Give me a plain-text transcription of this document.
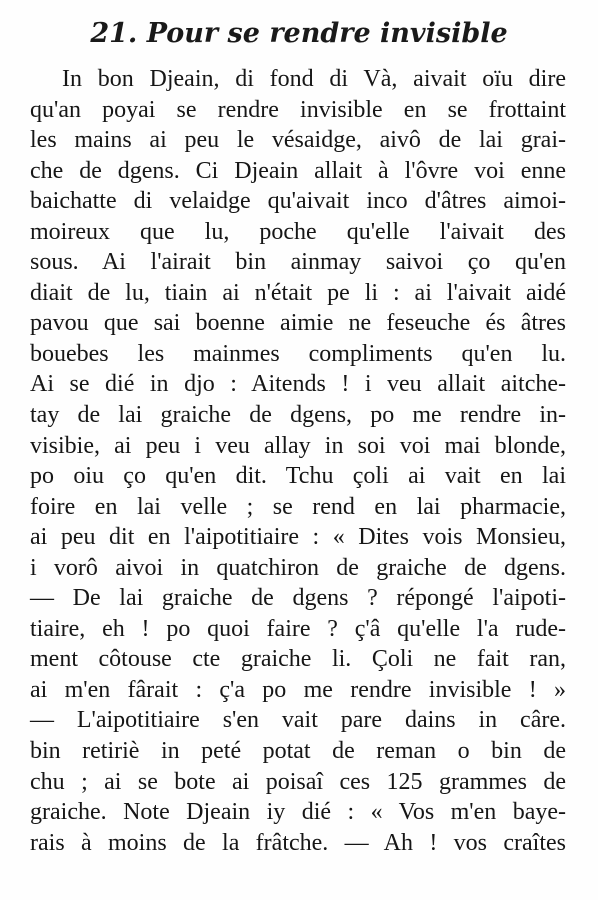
21. Pour se rendre invisible
In bon Djeain, di fond di Và, aivait oïu dire
qu'an poyai se rendre invisible en se frottaint
les mains ai peu le vésaidge, aivô de lai grai-
che de dgens. Ci Djeain allait à l'ôvre voi enne
baichatte di velaidge qu'aivait inco d'âtres aimoi-
moireux que lu, poche qu'elle l'aivait des
sous. Ai l'airait bin ainmay saivoi ço qu'en
diait de lu, tiain ai n'était pe li : ai l'aivait aidé
pavou que sai boenne aimie ne feseuche és âtres
bouebes les mainmes compliments qu'en lu.
Ai se dié in djo : Aitends ! i veu allait aitche-
tay de lai graiche de dgens, po me rendre in-
visibie, ai peu i veu allay in soi voi mai blonde,
po oiu ço qu'en dit. Tchu çoli ai vait en lai
foire en lai velle ; se rend en lai pharmacie,
ai peu dit en l'aipotitiaire : « Dites vois Monsieu,
i vorô aivoi in quatchiron de graiche de dgens.
— De lai graiche de dgens ? répongé l'aipoti-
tiaire, eh ! po quoi faire ? ç'â qu'elle l'a rude-
ment côtouse cte graiche li. Çoli ne fait ran,
ai m'en fârait : ç'a po me rendre invisible ! »
— L'aipotitiaire s'en vait pare dains in câre.
bin retiriè in peté potat de reman o bin de
chu ; ai se bote ai poisaî ces 125 grammes de
graiche. Note Djeain iy dié : « Vos m'en baye-
rais à moins de la frâtche. — Ah ! vos craîtes
